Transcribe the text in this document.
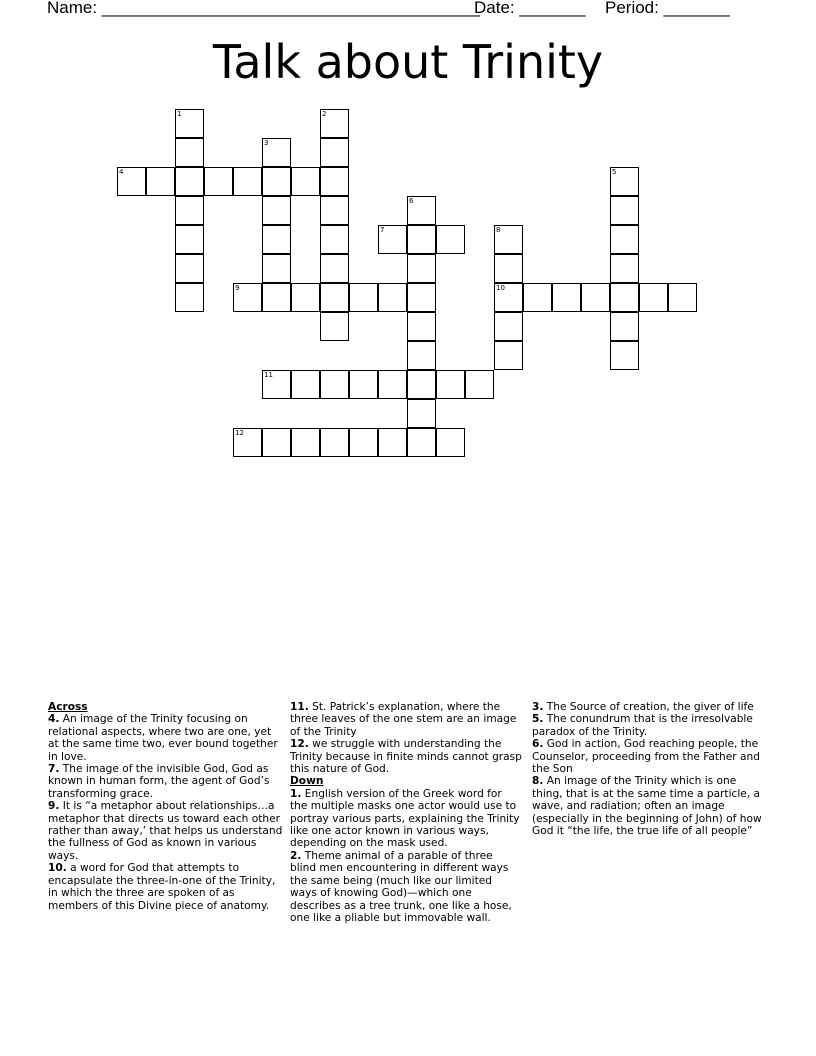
Name: ________________________________________
Date: _______ Period: _______
Talk about Trinity
1	2
3
4	5
6
7	8
9	10
11
12
Across
4. An image of the Trinity focusing on relational aspects, where two are one, yet at the same time two, ever bound together in love.
7. The image of the invisible God, God as known in human form, the agent of God’s transforming grace.
9. It is “a metaphor about relationships…a metaphor that directs us toward each other rather than away,’ that helps us understand the fullness of God as known in various ways.
10. a word for God that attempts to encapsulate the three-in-one of the Trinity, in which the three are spoken of as members of this Divine piece of anatomy.
11. St. Patrick’s explanation, where the three leaves of the one stem are an image of the Trinity
12. we struggle with understanding the Trinity because in finite minds cannot grasp this nature of God.
Down
1. English version of the Greek word for the multiple masks one actor would use to portray various parts, explaining the Trinity like one actor known in various ways, depending on the mask used.
2. Theme animal of a parable of three blind men encountering in different ways the same being (much like our limited ways of knowing God)—which one describes as a tree trunk, one like a hose, one like a pliable but immovable wall.
3. The Source of creation, the giver of life
5. The conundrum that is the irresolvable paradox of the Trinity.
6. God in action, God reaching people, the Counselor, proceeding from the Father and the Son
8. An image of the Trinity which is one thing, that is at the same time a particle, a wave, and radiation; often an image (especially in the beginning of John) of how God it “the life, the true life of all people”
